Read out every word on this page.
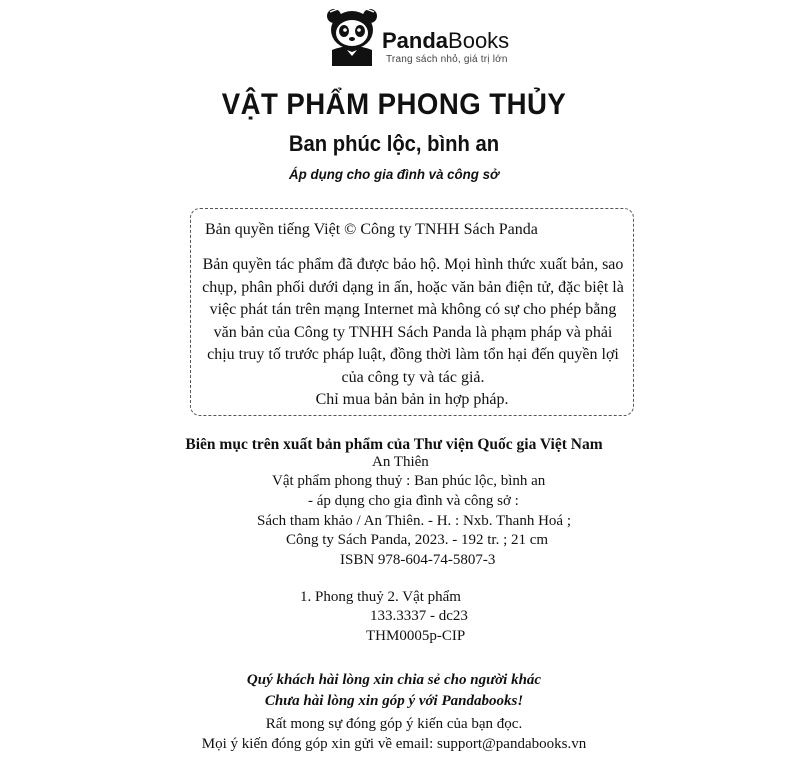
PandaBooks
Trang sách nhỏ, giá trị lớn
VẬT PHẨM PHONG THỦY
Ban phúc lộc, bình an
Áp dụng cho gia đình và công sở
Bản quyền tiếng Việt © Công ty TNHH Sách Panda
Bản quyền tác phẩm đã được bảo hộ. Mọi hình thức xuất bản, sao chụp, phân phối dưới dạng in ấn, hoặc văn bản điện tử, đặc biệt là việc phát tán trên mạng Internet mà không có sự cho phép bằng văn bản của Công ty TNHH Sách Panda là phạm pháp và phải chịu truy tố trước pháp luật, đồng thời làm tổn hại đến quyền lợi của công ty và tác giả.
Chỉ mua bản bản in hợp pháp.
Biên mục trên xuất bản phẩm của Thư viện Quốc gia Việt Nam
An Thiên
Vật phẩm phong thuỷ : Ban phúc lộc, bình an
- áp dụng cho gia đình và công sở :
Sách tham khảo / An Thiên. - H. : Nxb. Thanh Hoá ;
Công ty Sách Panda, 2023. - 192 tr. ; 21 cm
ISBN 978-604-74-5807-3
1. Phong thuỷ 2. Vật phẩm
133.3337 - dc23
THM0005p-CIP
Quý khách hài lòng xin chia sẻ cho người khác
Chưa hài lòng xin góp ý với Pandabooks!
Rất mong sự đóng góp ý kiến của bạn đọc.
Mọi ý kiến đóng góp xin gửi về email: support@pandabooks.vn
